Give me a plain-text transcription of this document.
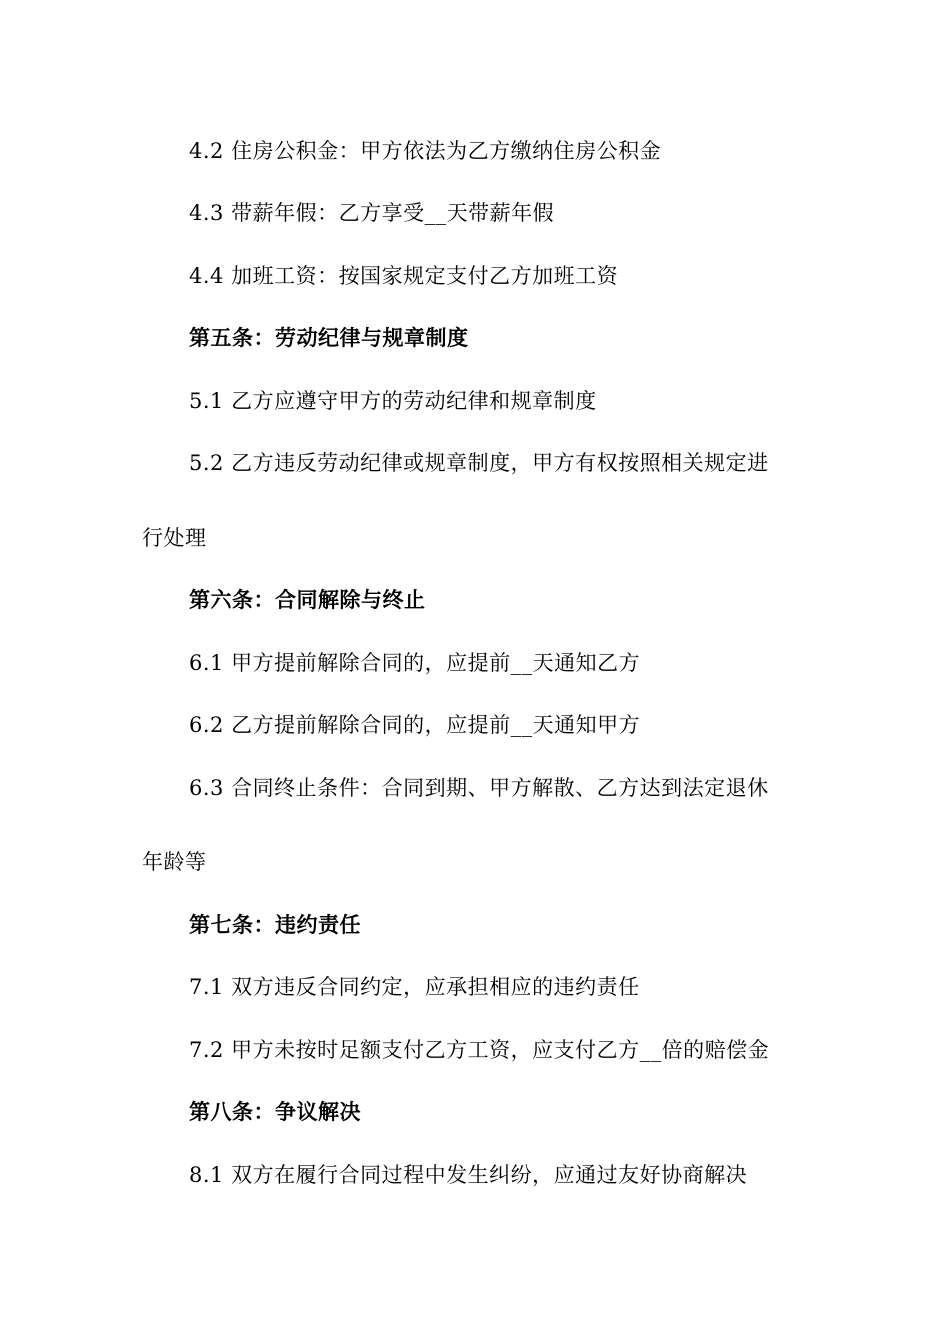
4.2 住房公积金：甲方依法为乙方缴纳住房公积金
4.3 带薪年假：乙方享受__天带薪年假
4.4 加班工资：按国家规定支付乙方加班工资
第五条：劳动纪律与规章制度
5.1 乙方应遵守甲方的劳动纪律和规章制度
5.2 乙方违反劳动纪律或规章制度，甲方有权按照相关规定进
行处理
第六条：合同解除与终止
6.1 甲方提前解除合同的，应提前__天通知乙方
6.2 乙方提前解除合同的，应提前__天通知甲方
6.3 合同终止条件：合同到期、甲方解散、乙方达到法定退休
年龄等
第七条：违约责任
7.1 双方违反合同约定，应承担相应的违约责任
7.2 甲方未按时足额支付乙方工资，应支付乙方__倍的赔偿金
第八条：争议解决
8.1 双方在履行合同过程中发生纠纷，应通过友好协商解决
